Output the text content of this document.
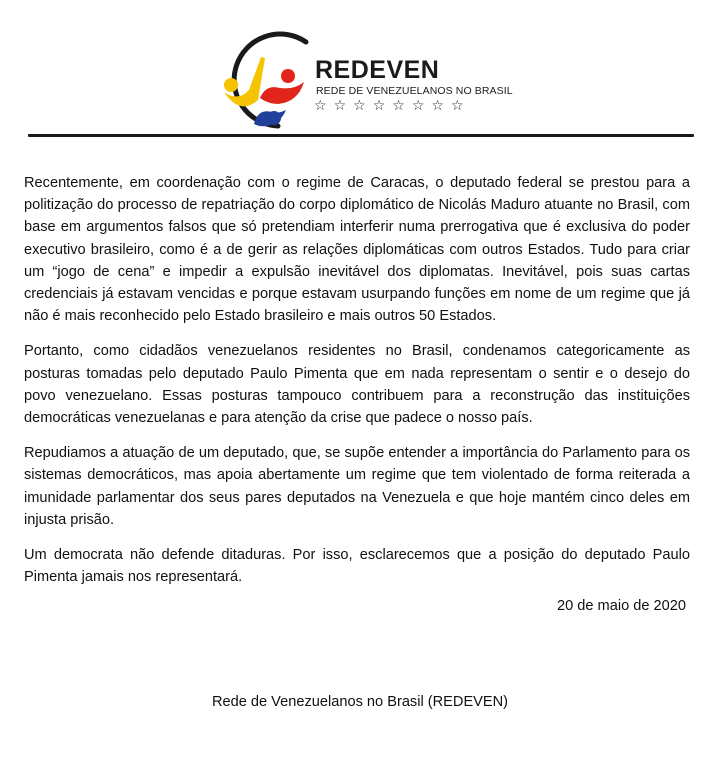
REDEVEN
REDE DE VENEZUELANOS NO BRASIL
☆ ☆ ☆ ☆ ☆ ☆ ☆ ☆

Recentemente, em coordenação com o regime de Caracas, o deputado federal se prestou para a politização do processo de repatriação do corpo diplomático de Nicolás Maduro atuante no Brasil, com base em argumentos falsos que só pretendiam interferir numa prerrogativa que é exclusiva do poder executivo brasileiro, como é a de gerir as relações diplomáticas com outros Estados. Tudo para criar um “jogo de cena” e impedir a expulsão inevitável dos diplomatas. Inevitável, pois suas cartas credenciais já estavam vencidas e porque estavam usurpando funções em nome de um regime que já não é mais reconhecido pelo Estado brasileiro e mais outros 50 Estados.

Portanto, como cidadãos venezuelanos residentes no Brasil, condenamos categoricamente as posturas tomadas pelo deputado Paulo Pimenta que em nada representam o sentir e o desejo do povo venezuelano. Essas posturas tampouco contribuem para a reconstrução das instituições democráticas venezuelanas e para atenção da crise que padece o nosso país.

Repudiamos a atuação de um deputado, que, se supõe entender a importância do Parlamento para os sistemas democráticos, mas apoia abertamente um regime que tem violentado de forma reiterada a imunidade parlamentar dos seus pares deputados na Venezuela e que hoje mantém cinco deles em injusta prisão.

Um democrata não defende ditaduras. Por isso, esclarecemos que a posição do deputado Paulo Pimenta jamais nos representará.

20 de maio de 2020
Rede de Venezuelanos no Brasil (REDEVEN)
